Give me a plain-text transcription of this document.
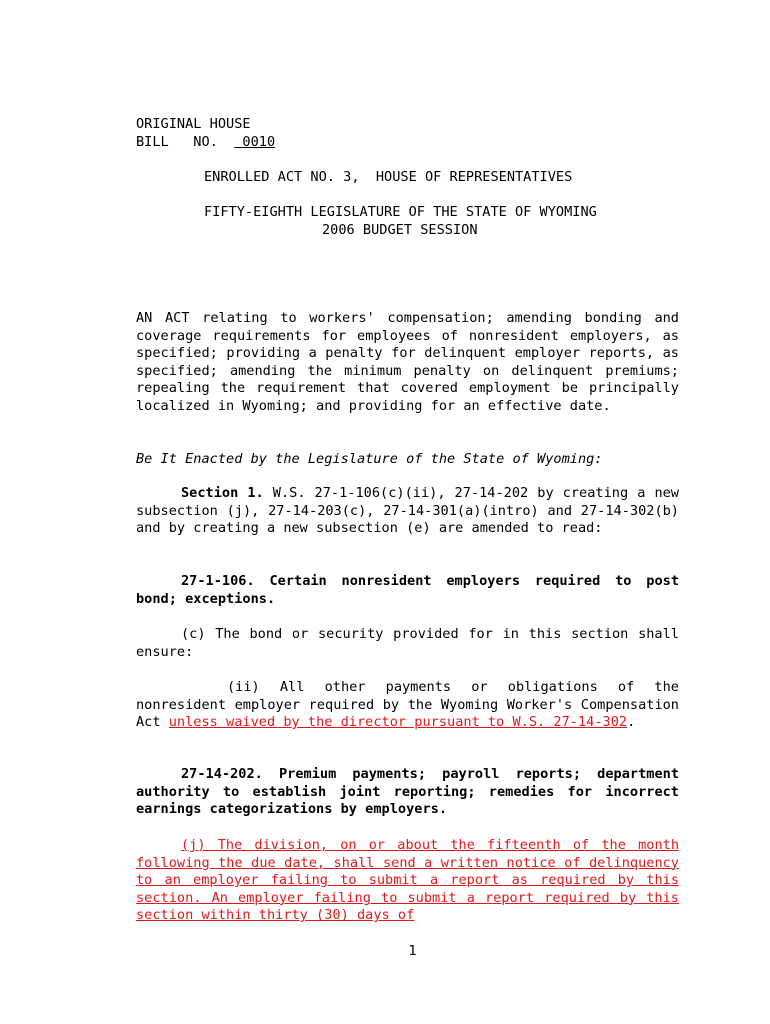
ORIGINAL HOUSE

BILL   NO. 0010

ENROLLED ACT NO. 3,  HOUSE OF REPRESENTATIVES

FIFTY-EIGHTH LEGISLATURE OF THE STATE OF WYOMING

2006 BUDGET SESSION

AN ACT relating to workers' compensation; amending bonding and coverage requirements for employees of nonresident employers, as specified; providing a penalty for delinquent employer reports, as specified; amending the minimum penalty on delinquent premiums; repealing the requirement that covered employment be principally localized in Wyoming; and providing for an effective date.

Be It Enacted by the Legislature of the State of Wyoming:

Section 1. W.S. 27-1-106(c)(ii), 27-14-202 by creating a new subsection (j), 27-14-203(c), 27-14-301(a)(intro) and 27-14-302(b) and by creating a new subsection (e) are amended to read:

27-1-106. Certain nonresident employers required to post bond; exceptions.

(c) The bond or security provided for in this section shall ensure:

(ii) All other payments or obligations of the nonresident employer required by the Wyoming Worker's Compensation Act unless waived by the director pursuant to W.S. 27-14-302.

27-14-202. Premium payments; payroll reports; department authority to establish joint reporting; remedies for incorrect earnings categorizations by employers.

(j) The division, on or about the fifteenth of the month following the due date, shall send a written notice of delinquency to an employer failing to submit a report as required by this section. An employer failing to submit a report required by this section within thirty (30) days of

1
